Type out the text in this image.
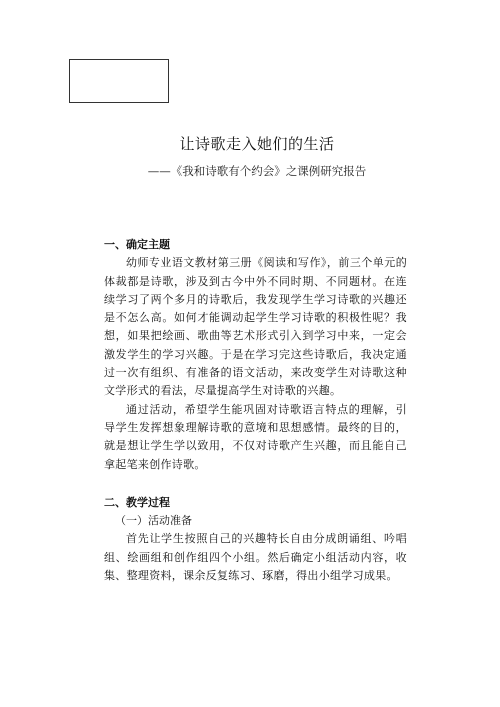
让诗歌走入她们的生活

——《我和诗歌有个约会》之课例研究报告

一、确定主题

幼师专业语文教材第三册《阅读和写作》，前三个单元的体裁都是诗歌，涉及到古今中外不同时期、不同题材。在连续学习了两个多月的诗歌后，我发现学生学习诗歌的兴趣还是不怎么高。如何才能调动起学生学习诗歌的积极性呢？我想，如果把绘画、歌曲等艺术形式引入到学习中来，一定会激发学生的学习兴趣。于是在学习完这些诗歌后，我决定通过一次有组织、有准备的语文活动，来改变学生对诗歌这种文学形式的看法，尽量提高学生对诗歌的兴趣。

通过活动，希望学生能巩固对诗歌语言特点的理解，引导学生发挥想象理解诗歌的意境和思想感情。最终的目的，就是想让学生学以致用，不仅对诗歌产生兴趣，而且能自己拿起笔来创作诗歌。

二、教学过程

（一）活动准备

首先让学生按照自己的兴趣特长自由分成朗诵组、吟唱组、绘画组和创作组四个小组。然后确定小组活动内容，收集、整理资料，课余反复练习、琢磨，得出小组学习成果。
